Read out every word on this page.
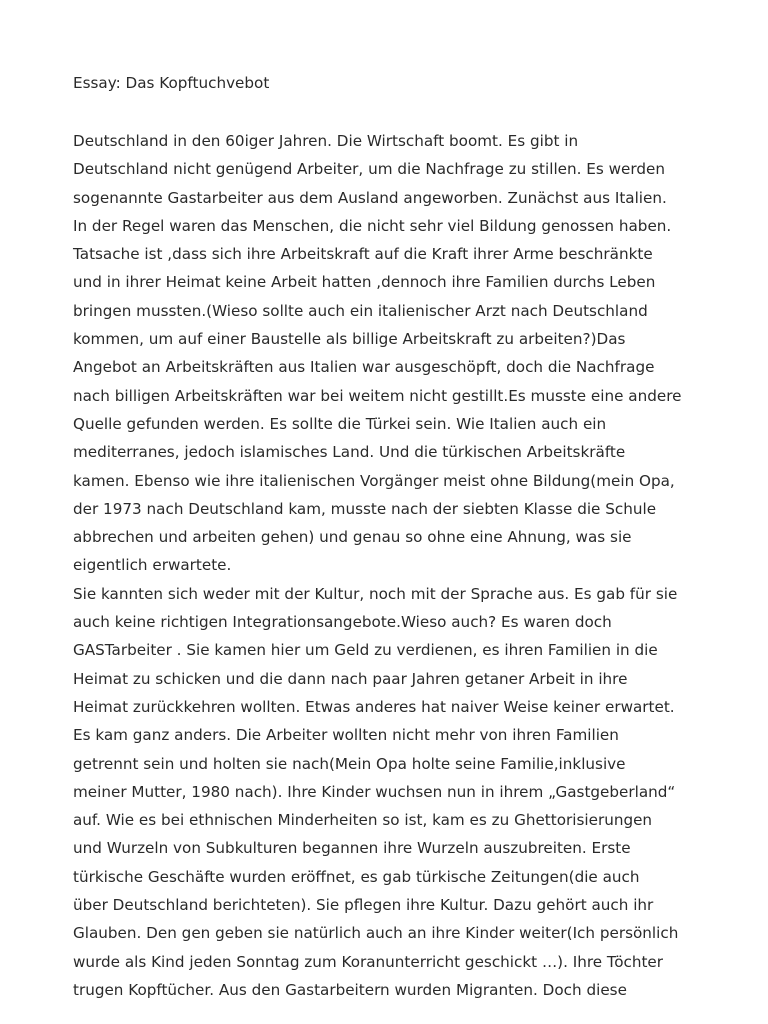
Essay: Das Kopftuchvebot
Deutschland in den 60iger Jahren. Die Wirtschaft boomt. Es gibt in
Deutschland nicht genügend Arbeiter, um die Nachfrage zu stillen. Es werden
sogenannte Gastarbeiter aus dem Ausland angeworben. Zunächst aus Italien.
In der Regel waren das Menschen, die nicht sehr viel Bildung genossen haben.
Tatsache ist ,dass sich ihre Arbeitskraft auf die Kraft ihrer Arme beschränkte
und in ihrer Heimat keine Arbeit hatten ,dennoch ihre Familien durchs Leben
bringen mussten.(Wieso sollte auch ein italienischer Arzt nach Deutschland
kommen, um auf einer Baustelle als billige Arbeitskraft zu arbeiten?)Das
Angebot an Arbeitskräften aus Italien war ausgeschöpft, doch die Nachfrage
nach billigen Arbeitskräften war bei weitem nicht gestillt.Es musste eine andere
Quelle gefunden werden. Es sollte die Türkei sein. Wie Italien auch ein
mediterranes, jedoch islamisches Land. Und die türkischen Arbeitskräfte
kamen. Ebenso wie ihre italienischen Vorgänger meist ohne Bildung(mein Opa,
der 1973 nach Deutschland kam, musste nach der siebten Klasse die Schule
abbrechen und arbeiten gehen) und genau so ohne eine Ahnung, was sie
eigentlich erwartete.
Sie kannten sich weder mit der Kultur, noch mit der Sprache aus. Es gab für sie
auch keine richtigen Integrationsangebote.Wieso auch? Es waren doch
GASTarbeiter . Sie kamen hier um Geld zu verdienen, es ihren Familien in die
Heimat zu schicken und die dann nach paar Jahren getaner Arbeit in ihre
Heimat zurückkehren wollten. Etwas anderes hat naiver Weise keiner erwartet.
Es kam ganz anders. Die Arbeiter wollten nicht mehr von ihren Familien
getrennt sein und holten sie nach(Mein Opa holte seine Familie,inklusive
meiner Mutter, 1980 nach). Ihre Kinder wuchsen nun in ihrem „Gastgeberland“
auf. Wie es bei ethnischen Minderheiten so ist, kam es zu Ghettorisierungen
und Wurzeln von Subkulturen begannen ihre Wurzeln auszubreiten. Erste
türkische Geschäfte wurden eröffnet, es gab türkische Zeitungen(die auch
über Deutschland berichteten). Sie pflegen ihre Kultur. Dazu gehört auch ihr
Glauben. Den gen geben sie natürlich auch an ihre Kinder weiter(Ich persönlich
wurde als Kind jeden Sonntag zum Koranunterricht geschickt …). Ihre Töchter
trugen Kopftücher. Aus den Gastarbeitern wurden Migranten. Doch diese
